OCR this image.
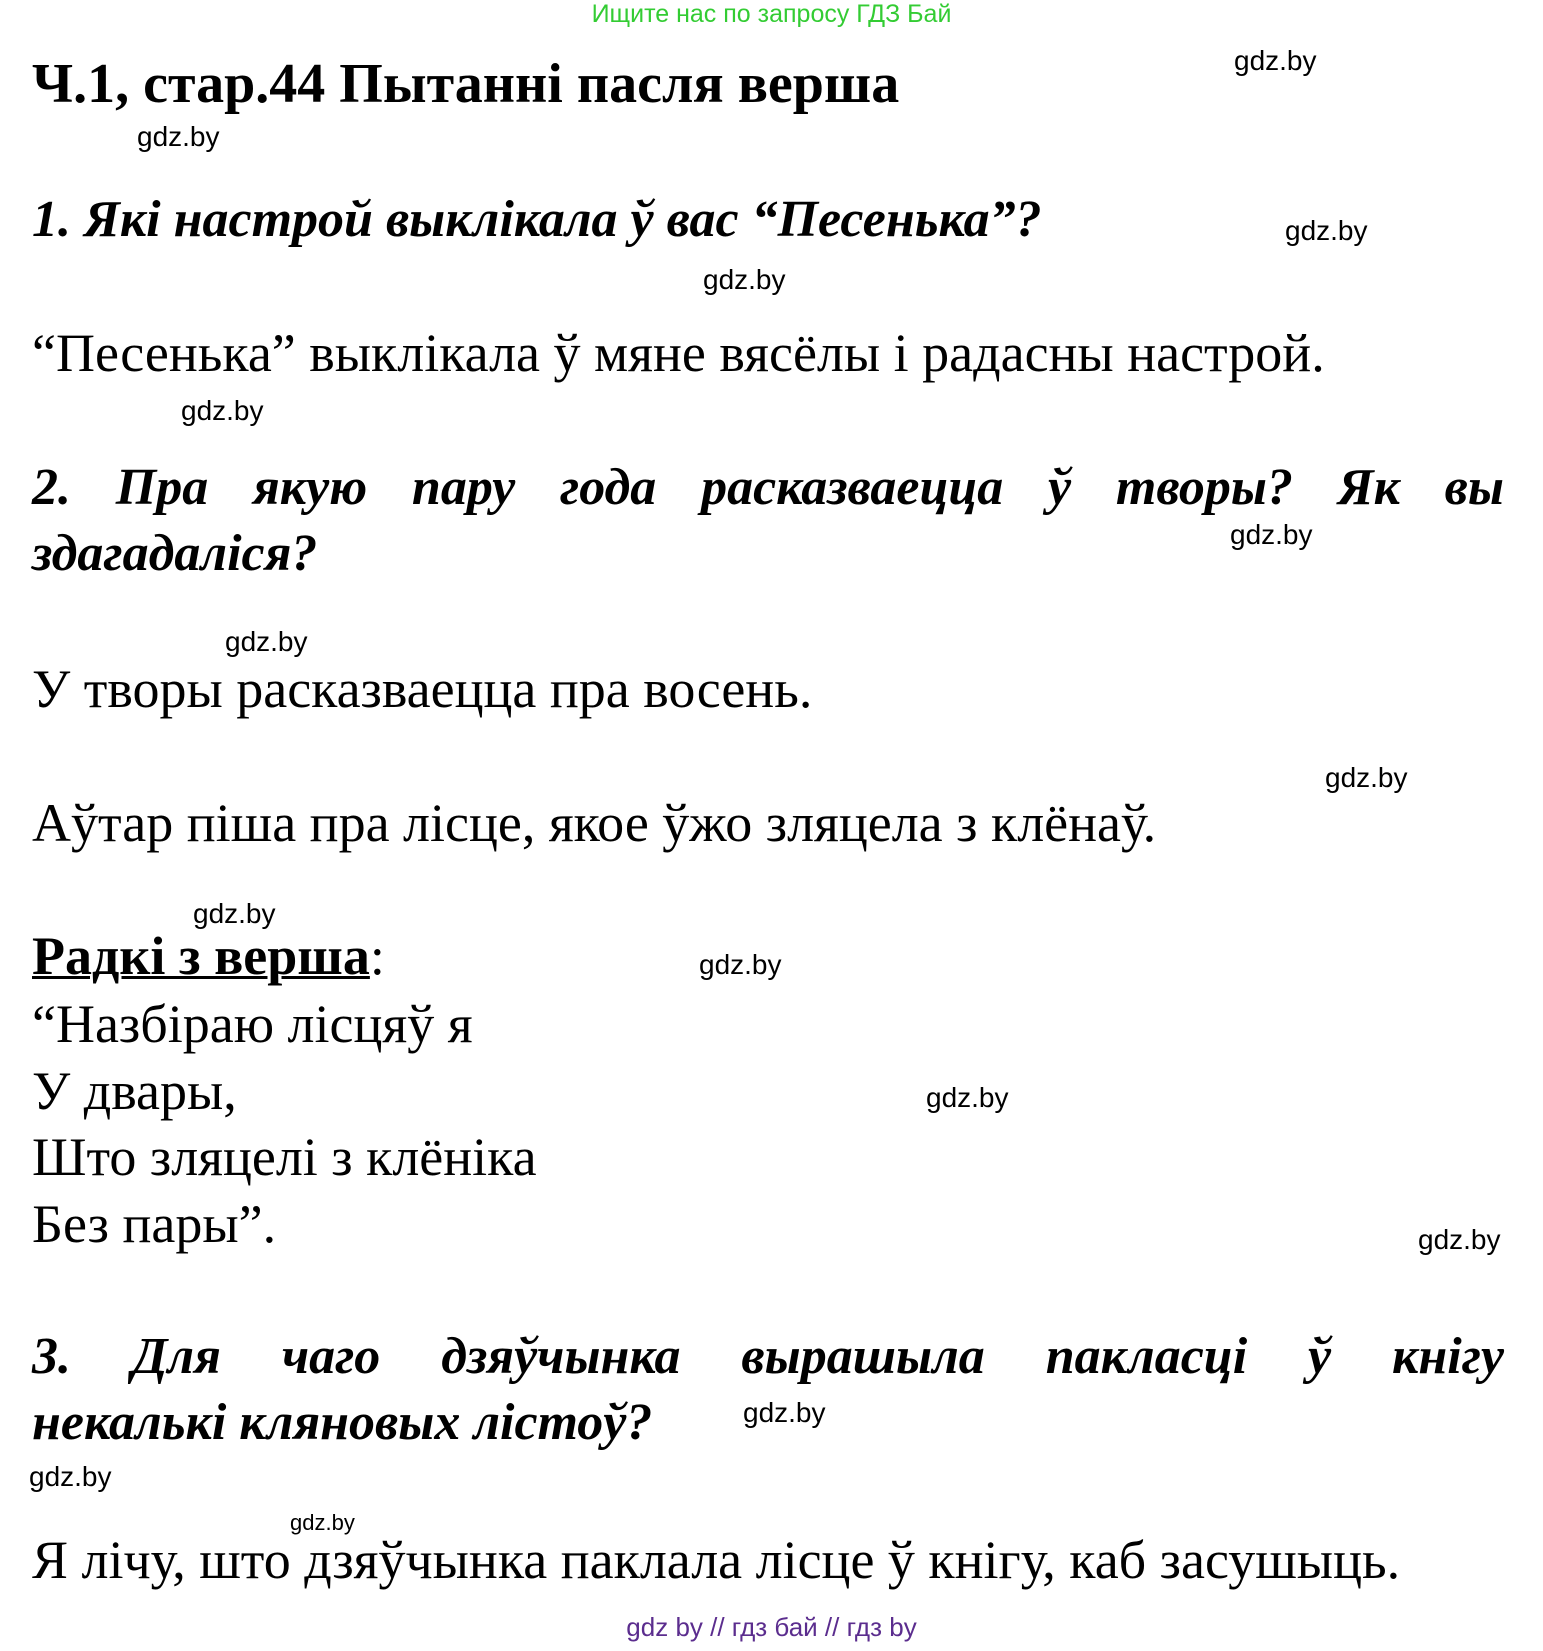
Ищите нас по запросу ГДЗ Бай
Ч.1, стар.44 Пытанні пасля верша
1. Які настрой выклікала ў вас “Песенька”?
“Песенька” выклікала ў мяне вясёлы і радасны настрой.
2. Пра якую пару года расказваецца ў творы? Як вы
здагадаліся?
У творы расказваецца пра восень.
Аўтар піша пра лісце, якое ўжо зляцела з клёнаў.
Радкі з верша:
“Назбіраю лісцяў я
У двары,
Што зляцелі з клёніка
Без пары”.
3. Для чаго дзяўчынка вырашыла пакласці ў кнігу
некалькі кляновых лістоў?
Я лічу, што дзяўчынка паклала лісце ў кнігу, каб засушыць.
gdz by // гдз бай // гдз by
gdz.by
gdz.by
gdz.by
gdz.by
gdz.by
gdz.by
gdz.by
gdz.by
gdz.by
gdz.by
gdz.by
gdz.by
gdz.by
gdz.by
gdz.by
